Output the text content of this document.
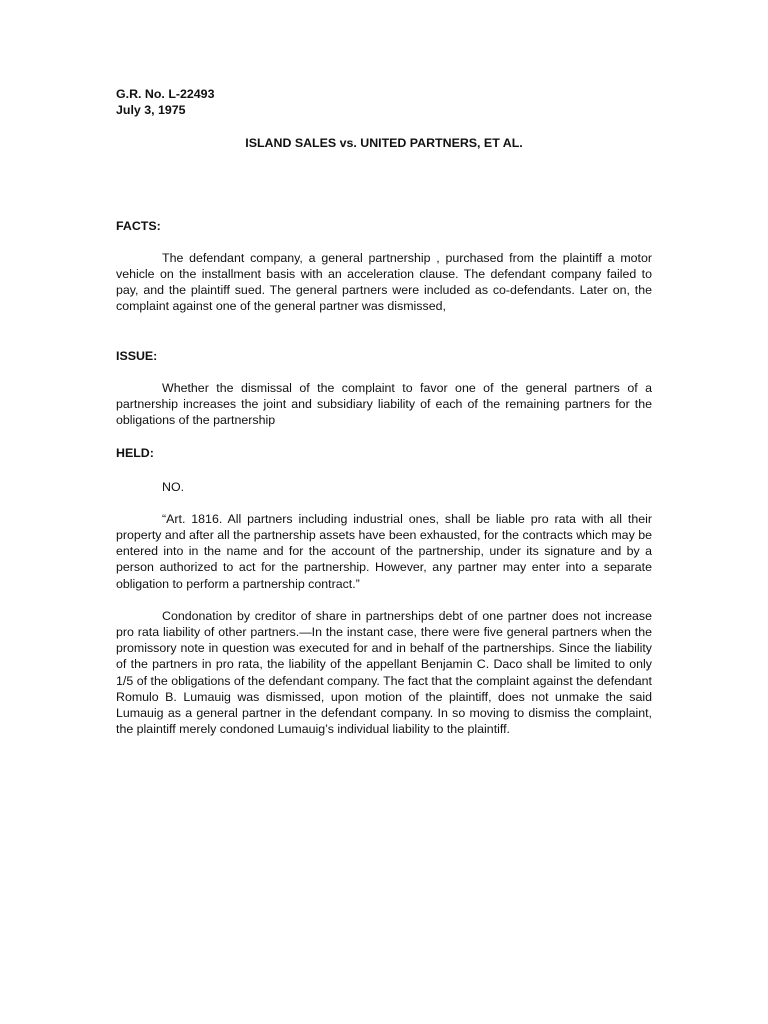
G.R. No. L-22493
July 3, 1975
ISLAND SALES vs. UNITED PARTNERS, ET AL.
FACTS:

The defendant company, a general partnership , purchased from the plaintiff a motor vehicle on the installment basis with an acceleration clause. The defendant company failed to pay, and the plaintiff sued. The general partners were included as co-defendants. Later on, the complaint against one of the general partner was dismissed,

ISSUE:

Whether the dismissal of the complaint to favor one of the general partners of a partnership increases the joint and subsidiary liability of each of the remaining partners for the obligations of the partnership

HELD:

NO.

“Art. 1816. All partners including industrial ones, shall be liable pro rata with all their property and after all the partnership assets have been exhausted, for the contracts which may be entered into in the name and for the account of the partnership, under its signature and by a person authorized to act for the partnership. However, any partner may enter into a separate obligation to perform a partnership contract.”

Condonation by creditor of share in partnerships debt of one partner does not increase pro rata liability of other partners.—In the instant case, there were five general partners when the promissory note in question was executed for and in behalf of the partnerships. Since the liability of the partners in pro rata, the liability of the appellant Benjamin C. Daco shall be limited to only 1/5 of the obligations of the defendant company. The fact that the complaint against the defendant Romulo B. Lumauig was dismissed, upon motion of the plaintiff, does not unmake the said Lumauig as a general partner in the defendant company. In so moving to dismiss the complaint, the plaintiff merely condoned Lumauig’s individual liability to the plaintiff.
